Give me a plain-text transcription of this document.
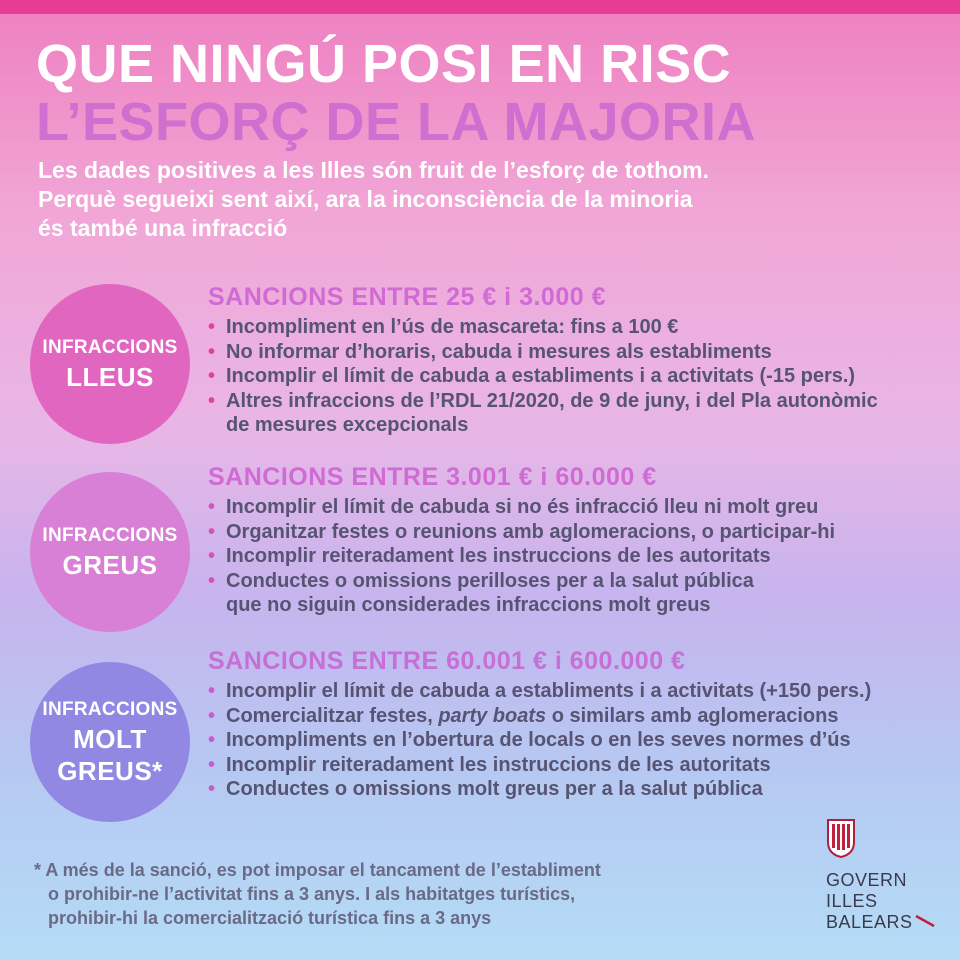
QUE NINGÚ POSI EN RISC
L’ESFORÇ DE LA MAJORIA
Les dades positives a les Illes són fruit de l’esforç de tothom.
Perquè segueixi sent així, ara la inconsciència de la minoria
és també una infracció
INFRACCIONS
LLEUS
INFRACCIONS
GREUS
INFRACCIONS
MOLT
GREUS*
SANCIONS ENTRE 25 € i 3.000 €
• Incompliment en l’ús de mascareta: fins a 100 €
• No informar d’horaris, cabuda i mesures als establiments
• Incomplir el límit de cabuda a establiments i a activitats (-15 pers.)
• Altres infraccions de l’RDL 21/2020, de 9 de juny, i del Pla autonòmic
de mesures excepcionals
SANCIONS ENTRE 3.001 € i 60.000 €
• Incomplir el límit de cabuda si no és infracció lleu ni molt greu
• Organitzar festes o reunions amb aglomeracions, o participar-hi
• Incomplir reiteradament les instruccions de les autoritats
• Conductes o omissions perilloses per a la salut pública
que no siguin considerades infraccions molt greus
SANCIONS ENTRE 60.001 € i 600.000 €
• Incomplir el límit de cabuda a establiments i a activitats (+150 pers.)
• Comercialitzar festes, party boats o similars amb aglomeracions
• Incompliments en l’obertura de locals o en les seves normes d’ús
• Incomplir reiteradament les instruccions de les autoritats
• Conductes o omissions molt greus per a la salut pública
* A més de la sanció, es pot imposar el tancament de l’establiment
o prohibir-ne l’activitat fins a 3 anys. I als habitatges turístics,
prohibir-hi la comercialització turística fins a 3 anys
GOVERN
ILLES
BALEARS
